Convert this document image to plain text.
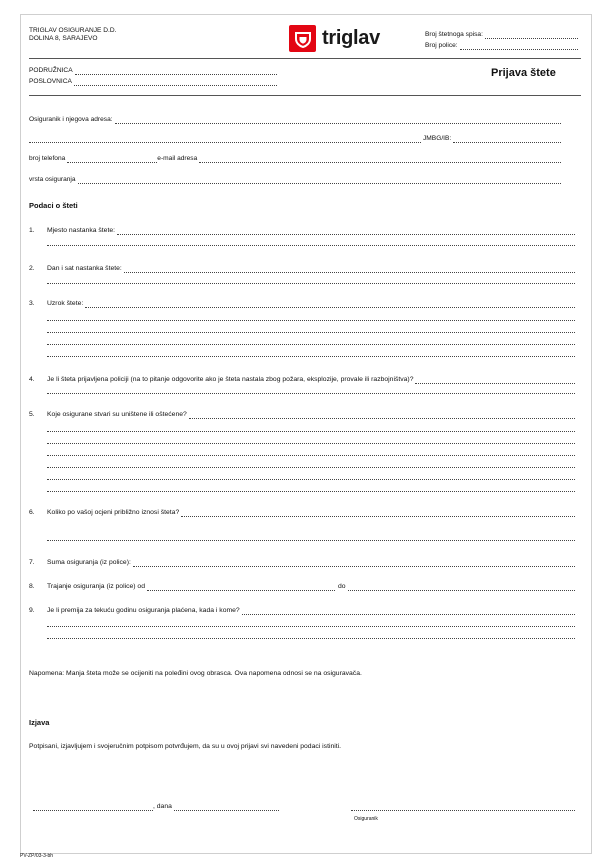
TRIGLAV OSIGURANJE D.D.
DOLINA 8, SARAJEVO	triglav	Broj štetnoga spisa:
Broj police:
PODRUŽNICA
POSLOVNICA
Prijava štete
Osiguranik i njegova adresa:
JMBG/IB:
broj telefona	e-mail adresa
vrsta osiguranja
Podaci o šteti
1. Mjesto nastanka štete:
2. Dan i sat nastanka štete:
3. Uzrok štete:
4. Je li šteta prijavljena policiji (na to pitanje odgovorite ako je šteta nastala zbog požara, eksplozije, provale ili razbojništva)?
5. Koje osigurane stvari su uništene ili oštećene?
6. Koliko po vašoj ocjeni približno iznosi šteta?
7. Suma osiguranja (iz police):
8. Trajanje osiguranja (iz police) od	do
9. Je li premija za tekuću godinu osiguranja plaćena, kada i kome?
Napomena: Manja šteta može se ocijeniti na poleđini ovog obrasca. Ova napomena odnosi se na osiguravača.
Izjava
Potpisani, izjavljujem i svojeručnim potpisom potvrđujem, da su u ovoj prijavi svi navedeni podaci istiniti.
, dana
Osiguranik
PV-ZP/03-3-bh
